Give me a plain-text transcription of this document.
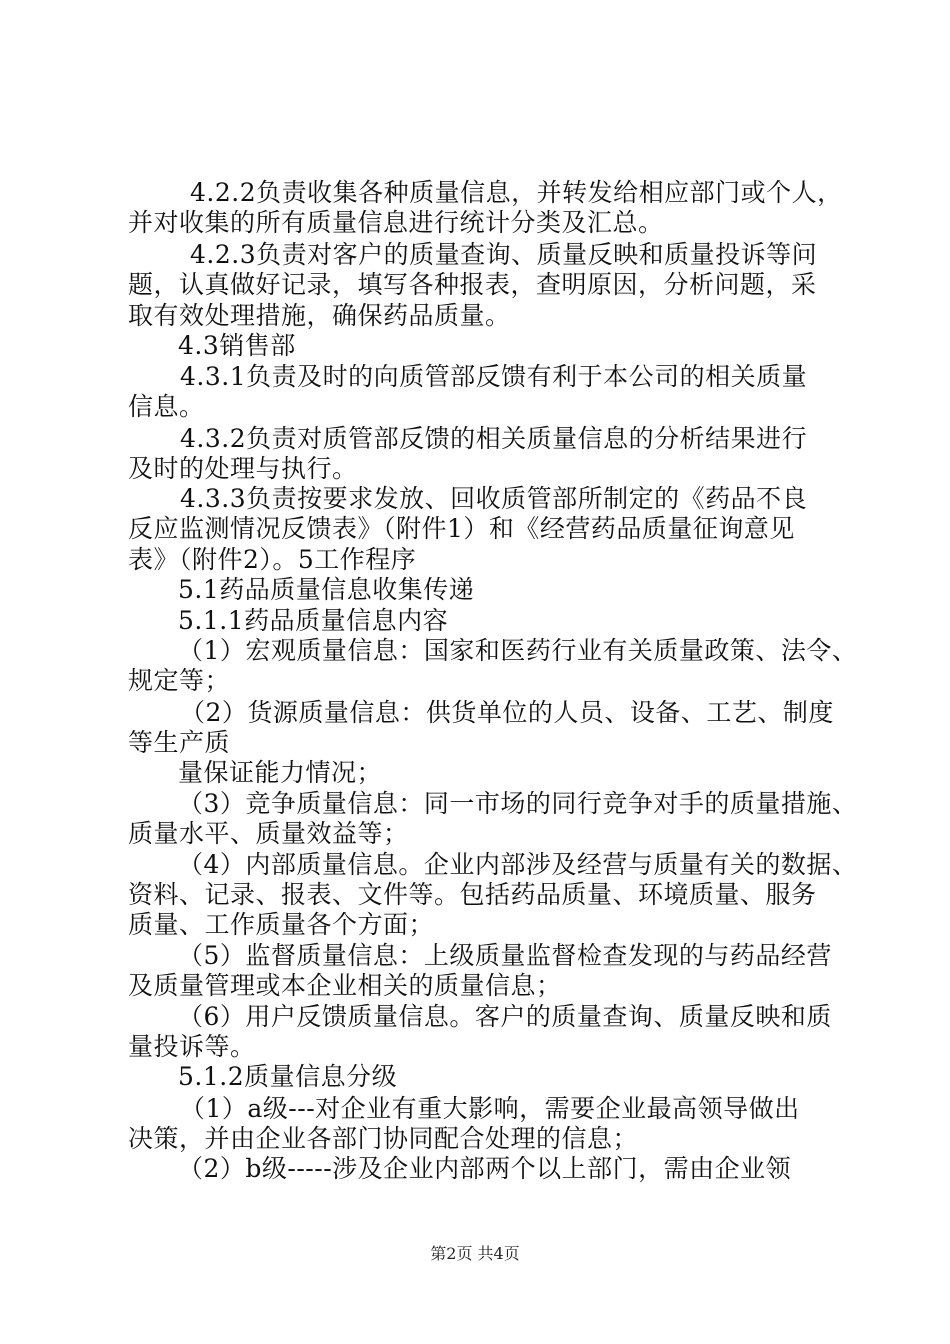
4.2.2负责收集各种质量信息，并转发给相应部门或个人，
并对收集的所有质量信息进行统计分类及汇总。
4.2.3负责对客户的质量查询、质量反映和质量投诉等问
题，认真做好记录，填写各种报表，查明原因，分析问题，采
取有效处理措施，确保药品质量。
4.3销售部
4.3.1负责及时的向质管部反馈有利于本公司的相关质量
信息。
4.3.2负责对质管部反馈的相关质量信息的分析结果进行
及时的处理与执行。
4.3.3负责按要求发放、回收质管部所制定的《药品不良
反应监测情况反馈表》（附件1）和《经营药品质量征询意见
表》（附件2）。5工作程序
5.1药品质量信息收集传递
5.1.1药品质量信息内容
（1）宏观质量信息：国家和医药行业有关质量政策、法令、
规定等；
（2）货源质量信息：供货单位的人员、设备、工艺、制度
等生产质
量保证能力情况；
（3）竞争质量信息：同一市场的同行竞争对手的质量措施、
质量水平、质量效益等；
（4）内部质量信息。企业内部涉及经营与质量有关的数据、
资料、记录、报表、文件等。包括药品质量、环境质量、服务
质量、工作质量各个方面；
（5）监督质量信息：上级质量监督检查发现的与药品经营
及质量管理或本企业相关的质量信息；
（6）用户反馈质量信息。客户的质量查询、质量反映和质
量投诉等。
5.1.2质量信息分级
（1）a级---对企业有重大影响，需要企业最高领导做出
决策，并由企业各部门协同配合处理的信息；
（2）b级-----涉及企业内部两个以上部门，需由企业领
第2页 共4页
